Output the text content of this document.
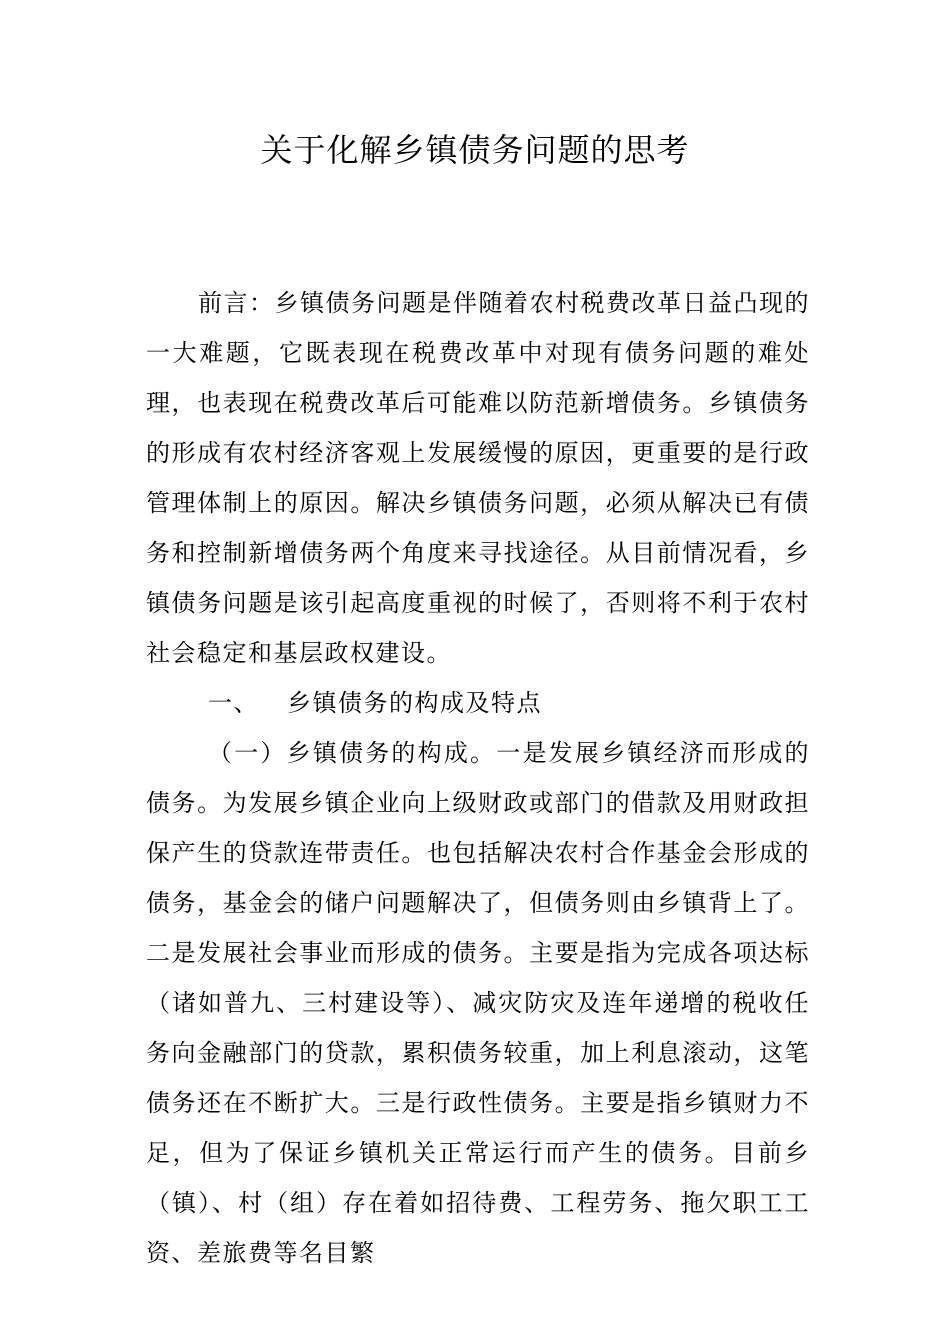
关于化解乡镇债务问题的思考

前言：乡镇债务问题是伴随着农村税费改革日益凸现的一大难题，它既表现在税费改革中对现有债务问题的难处理，也表现在税费改革后可能难以防范新增债务。乡镇债务的形成有农村经济客观上发展缓慢的原因，更重要的是行政管理体制上的原因。解决乡镇债务问题，必须从解决已有债务和控制新增债务两个角度来寻找途径。从目前情况看，乡镇债务问题是该引起高度重视的时候了，否则将不利于农村社会稳定和基层政权建设。

一、 乡镇债务的构成及特点

（一）乡镇债务的构成。一是发展乡镇经济而形成的债务。为发展乡镇企业向上级财政或部门的借款及用财政担保产生的贷款连带责任。也包括解决农村合作基金会形成的债务，基金会的储户问题解决了，但债务则由乡镇背上了。二是发展社会事业而形成的债务。主要是指为完成各项达标（诸如普九、三村建设等）、减灾防灾及连年递增的税收任务向金融部门的贷款，累积债务较重，加上利息滚动，这笔债务还在不断扩大。三是行政性债务。主要是指乡镇财力不足，但为了保证乡镇机关正常运行而产生的债务。目前乡（镇）、村（组）存在着如招待费、工程劳务、拖欠职工工资、差旅费等名目繁
